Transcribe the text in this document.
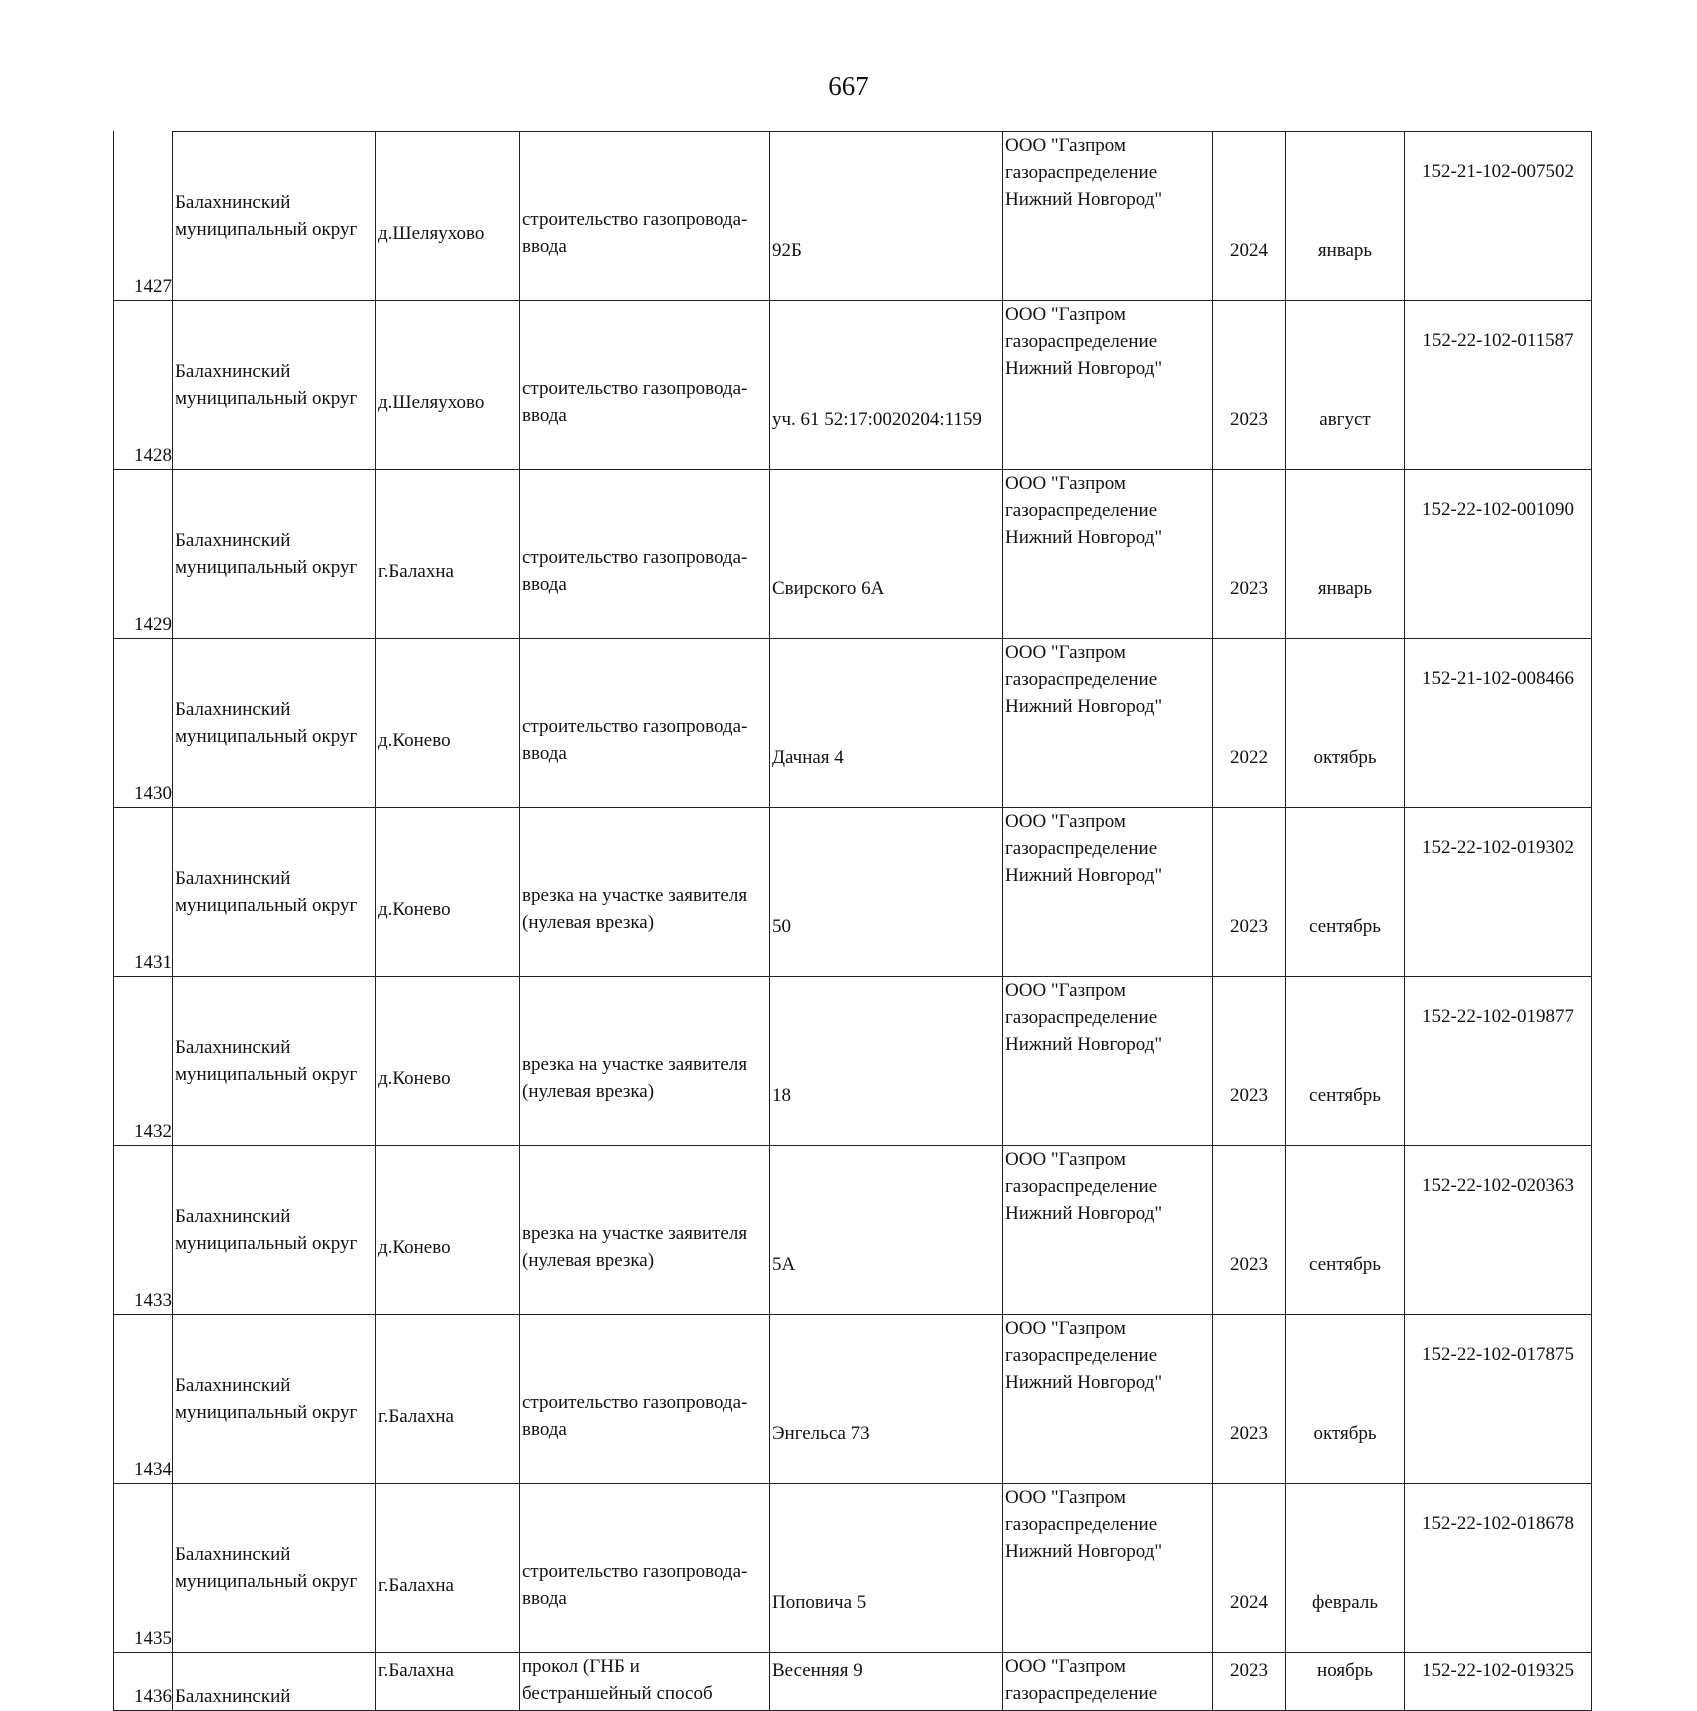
667
1427	Балахнинский
муниципальный округ	д.Шеляухово	строительство газопровода-
ввода	92Б	ООО "Газпром
газораспределение
Нижний Новгород"	2024	январь	152-21-102-007502
1428	Балахнинский
муниципальный округ	д.Шеляухово	строительство газопровода-
ввода	уч. 61 52:17:0020204:1159	ООО "Газпром
газораспределение
Нижний Новгород"	2023	август	152-22-102-011587
1429	Балахнинский
муниципальный округ	г.Балахна	строительство газопровода-
ввода	Свирского 6А	ООО "Газпром
газораспределение
Нижний Новгород"	2023	январь	152-22-102-001090
1430	Балахнинский
муниципальный округ	д.Конево	строительство газопровода-
ввода	Дачная 4	ООО "Газпром
газораспределение
Нижний Новгород"	2022	октябрь	152-21-102-008466
1431	Балахнинский
муниципальный округ	д.Конево	врезка на участке заявителя
(нулевая врезка)	50	ООО "Газпром
газораспределение
Нижний Новгород"	2023	сентябрь	152-22-102-019302
1432	Балахнинский
муниципальный округ	д.Конево	врезка на участке заявителя
(нулевая врезка)	18	ООО "Газпром
газораспределение
Нижний Новгород"	2023	сентябрь	152-22-102-019877
1433	Балахнинский
муниципальный округ	д.Конево	врезка на участке заявителя
(нулевая врезка)	5А	ООО "Газпром
газораспределение
Нижний Новгород"	2023	сентябрь	152-22-102-020363
1434	Балахнинский
муниципальный округ	г.Балахна	строительство газопровода-
ввода	Энгельса 73	ООО "Газпром
газораспределение
Нижний Новгород"	2023	октябрь	152-22-102-017875
1435	Балахнинский
муниципальный округ	г.Балахна	строительство газопровода-
ввода	Поповича 5	ООО "Газпром
газораспределение
Нижний Новгород"	2024	февраль	152-22-102-018678
1436	Балахнинский	г.Балахна	прокол (ГНБ и
бестраншейный способ	Весенняя 9	ООО "Газпром
газораспределение	2023	ноябрь	152-22-102-019325
